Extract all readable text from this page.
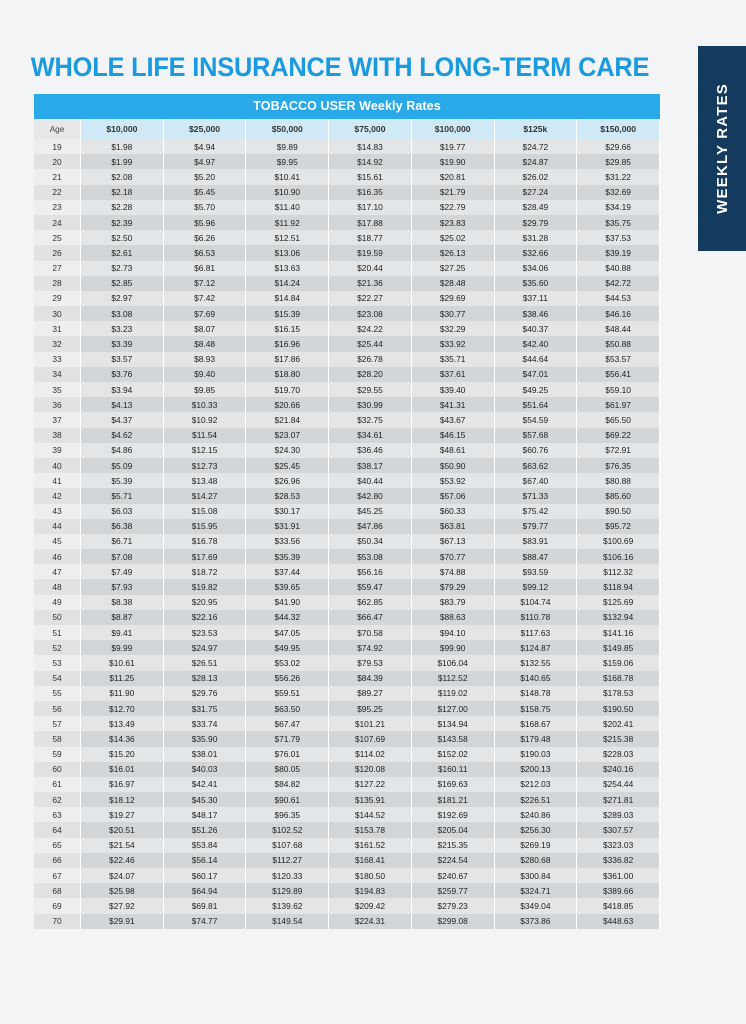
WEEKLY RATES
WHOLE LIFE INSURANCE WITH LONG-TERM CARE
TOBACCO USER Weekly Rates
Age	$10,000	$25,000	$50,000	$75,000	$100,000	$125k	$150,000
19	$1.98	$4.94	$9.89	$14.83	$19.77	$24.72	$29.66
20	$1.99	$4.97	$9.95	$14.92	$19.90	$24.87	$29.85
21	$2.08	$5.20	$10.41	$15.61	$20.81	$26.02	$31.22
22	$2.18	$5.45	$10.90	$16.35	$21.79	$27.24	$32.69
23	$2.28	$5.70	$11.40	$17.10	$22.79	$28.49	$34.19
24	$2.39	$5.96	$11.92	$17.88	$23.83	$29.79	$35.75
25	$2.50	$6.26	$12.51	$18.77	$25.02	$31.28	$37.53
26	$2.61	$6.53	$13.06	$19.59	$26.13	$32.66	$39.19
27	$2.73	$6.81	$13.63	$20.44	$27.25	$34.06	$40.88
28	$2.85	$7.12	$14.24	$21.36	$28.48	$35.60	$42.72
29	$2.97	$7.42	$14.84	$22.27	$29.69	$37.11	$44.53
30	$3.08	$7.69	$15.39	$23.08	$30.77	$38.46	$46.16
31	$3.23	$8.07	$16.15	$24.22	$32.29	$40.37	$48.44
32	$3.39	$8.48	$16.96	$25.44	$33.92	$42.40	$50.88
33	$3.57	$8.93	$17.86	$26.78	$35.71	$44.64	$53.57
34	$3.76	$9.40	$18.80	$28.20	$37.61	$47.01	$56.41
35	$3.94	$9.85	$19.70	$29.55	$39.40	$49.25	$59.10
36	$4.13	$10.33	$20.66	$30.99	$41.31	$51.64	$61.97
37	$4.37	$10.92	$21.84	$32.75	$43.67	$54.59	$65.50
38	$4.62	$11.54	$23.07	$34.61	$46.15	$57.68	$69.22
39	$4.86	$12.15	$24.30	$36.46	$48.61	$60.76	$72.91
40	$5.09	$12.73	$25.45	$38.17	$50.90	$63.62	$76.35
41	$5.39	$13.48	$26.96	$40.44	$53.92	$67.40	$80.88
42	$5.71	$14.27	$28.53	$42.80	$57.06	$71.33	$85.60
43	$6.03	$15.08	$30.17	$45.25	$60.33	$75.42	$90.50
44	$6.38	$15.95	$31.91	$47.86	$63.81	$79.77	$95.72
45	$6.71	$16.78	$33.56	$50.34	$67.13	$83.91	$100.69
46	$7.08	$17.69	$35.39	$53.08	$70.77	$88.47	$106.16
47	$7.49	$18.72	$37.44	$56.16	$74.88	$93.59	$112.32
48	$7.93	$19.82	$39.65	$59.47	$79.29	$99.12	$118.94
49	$8.38	$20.95	$41.90	$62.85	$83.79	$104.74	$125.69
50	$8.87	$22.16	$44.32	$66.47	$88.63	$110.78	$132.94
51	$9.41	$23.53	$47.05	$70.58	$94.10	$117.63	$141.16
52	$9.99	$24.97	$49.95	$74.92	$99.90	$124.87	$149.85
53	$10.61	$26.51	$53.02	$79.53	$106.04	$132.55	$159.06
54	$11.25	$28.13	$56.26	$84.39	$112.52	$140.65	$168.78
55	$11.90	$29.76	$59.51	$89.27	$119.02	$148.78	$178.53
56	$12.70	$31.75	$63.50	$95.25	$127.00	$158.75	$190.50
57	$13.49	$33.74	$67.47	$101.21	$134.94	$168.67	$202.41
58	$14.36	$35.90	$71.79	$107.69	$143.58	$179.48	$215.38
59	$15.20	$38.01	$76.01	$114.02	$152.02	$190.03	$228.03
60	$16.01	$40.03	$80.05	$120.08	$160.11	$200.13	$240.16
61	$16.97	$42.41	$84.82	$127.22	$169.63	$212.03	$254.44
62	$18.12	$45.30	$90.61	$135.91	$181.21	$226.51	$271.81
63	$19.27	$48.17	$96.35	$144.52	$192.69	$240.86	$289.03
64	$20.51	$51.26	$102.52	$153.78	$205.04	$256.30	$307.57
65	$21.54	$53.84	$107.68	$161.52	$215.35	$269.19	$323.03
66	$22.46	$56.14	$112.27	$168.41	$224.54	$280.68	$336.82
67	$24.07	$60.17	$120.33	$180.50	$240.67	$300.84	$361.00
68	$25.98	$64.94	$129.89	$194.83	$259.77	$324.71	$389.66
69	$27.92	$69.81	$139.62	$209.42	$279.23	$349.04	$418.85
70	$29.91	$74.77	$149.54	$224.31	$299.08	$373.86	$448.63
